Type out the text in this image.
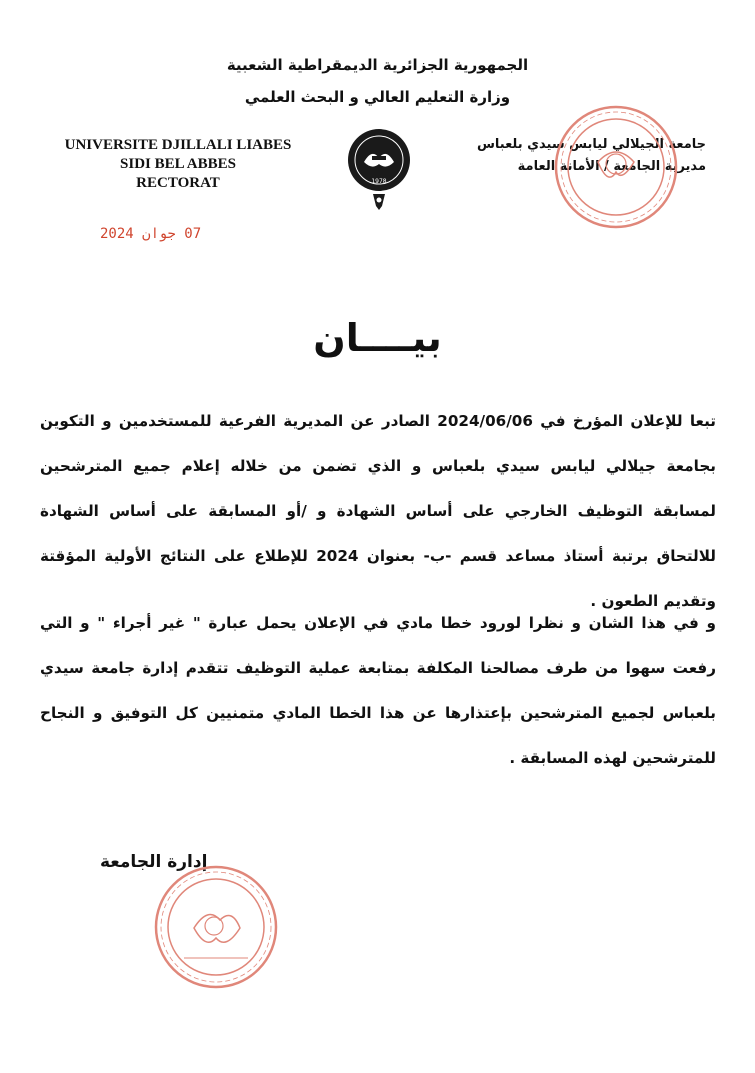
الجمهورية الجزائرية الديمقراطية الشعبية
وزارة التعليم العالي و البحث العلمي
UNIVERSITE DJILLALI LIABES
SIDI BEL ABBES
RECTORAT
جامعة الجيلالي ليابس سيدي بلعباس
مديرية الجامعة / الأمانة العامة
07 جوان 2024
1978
بيــــان
تبعا للإعلان المؤرخ في 2024/06/06 الصادر عن المديرية الفرعية للمستخدمين و التكوين بجامعة جيلالي ليابس سيدي بلعباس و الذي تضمن من خلاله إعلام جميع المترشحين لمسابقة التوظيف الخارجي على أساس الشهادة و /أو المسابقة على أساس الشهادة للالتحاق برتبة أستاذ مساعد قسم -ب- بعنوان 2024 للإطلاع على النتائج الأولية المؤقتة وتقديم الطعون .
و في هذا الشان و نظرا لورود خطا مادي في الإعلان يحمل عبارة " غير أجراء " و التي رفعت سهوا من طرف مصالحنا المكلفة بمتابعة عملية التوظيف تتقدم إدارة جامعة سيدي بلعباس لجميع المترشحين بإعتذارها عن هذا الخطا المادي متمنيين كل التوفيق و النجاح للمترشحين لهذه المسابقة .
إدارة الجامعة
